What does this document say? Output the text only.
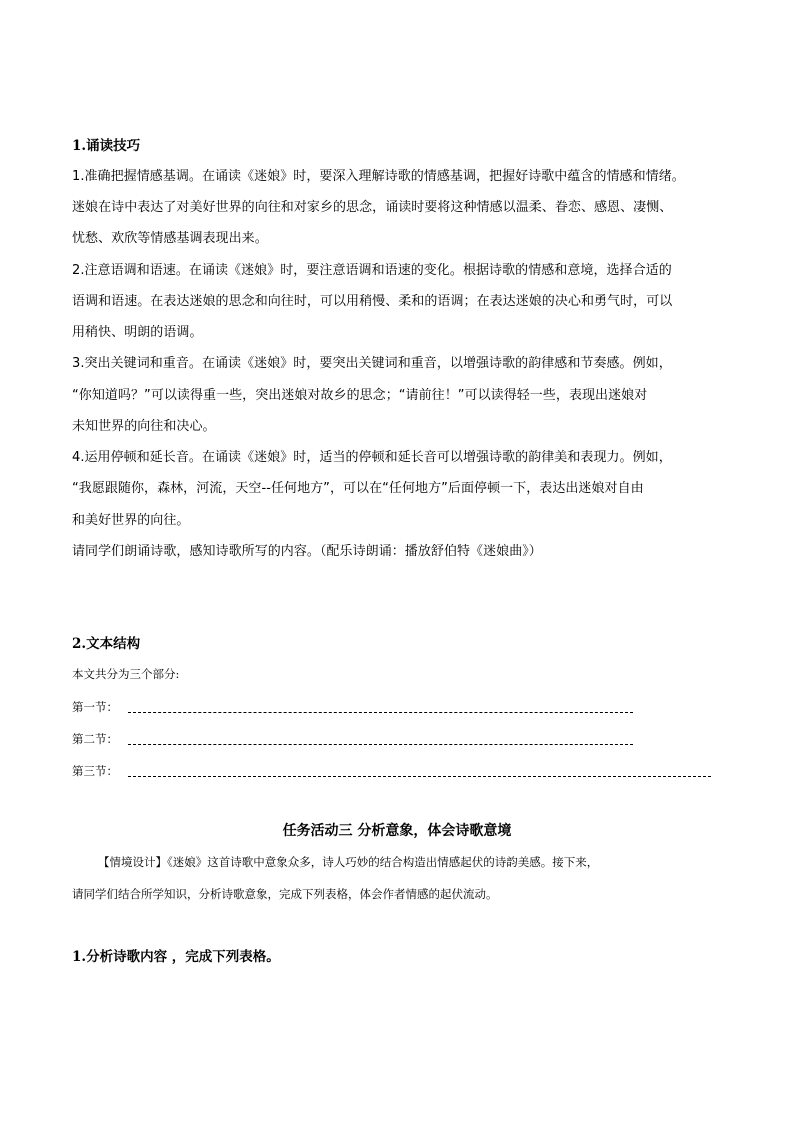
1.诵读技巧
1.准确把握情感基调。在诵读《迷娘》时，要深入理解诗歌的情感基调，把握好诗歌中蕴含的情感和情绪。
迷娘在诗中表达了对美好世界的向往和对家乡的思念，诵读时要将这种情感以温柔、眷恋、感恩、凄恻、
忧愁、欢欣等情感基调表现出来。
2.注意语调和语速。在诵读《迷娘》时，要注意语调和语速的变化。根据诗歌的情感和意境，选择合适的
语调和语速。在表达迷娘的思念和向往时，可以用稍慢、柔和的语调；在表达迷娘的决心和勇气时，可以
用稍快、明朗的语调。
3.突出关键词和重音。在诵读《迷娘》时，要突出关键词和重音，以增强诗歌的韵律感和节奏感。例如，
“你知道吗？”可以读得重一些，突出迷娘对故乡的思念；“请前往！”可以读得轻一些，表现出迷娘对
未知世界的向往和决心。
4.运用停顿和延长音。在诵读《迷娘》时，适当的停顿和延长音可以增强诗歌的韵律美和表现力。例如，
“我愿跟随你，森林，河流，天空--任何地方”，可以在“任何地方”后面停顿一下，表达出迷娘对自由
和美好世界的向往。
请同学们朗诵诗歌，感知诗歌所写的内容。（配乐诗朗诵：播放舒伯特《迷娘曲》）
2.文本结构
本文共分为三个部分:
第一节：
第二节：
第三节：
任务活动三 分析意象，体会诗歌意境
【情境设计】《迷娘》这首诗歌中意象众多，诗人巧妙的结合构造出情感起伏的诗韵美感。接下来，
请同学们结合所学知识，分析诗歌意象，完成下列表格，体会作者情感的起伏流动。
1.分析诗歌内容 ，完成下列表格。
